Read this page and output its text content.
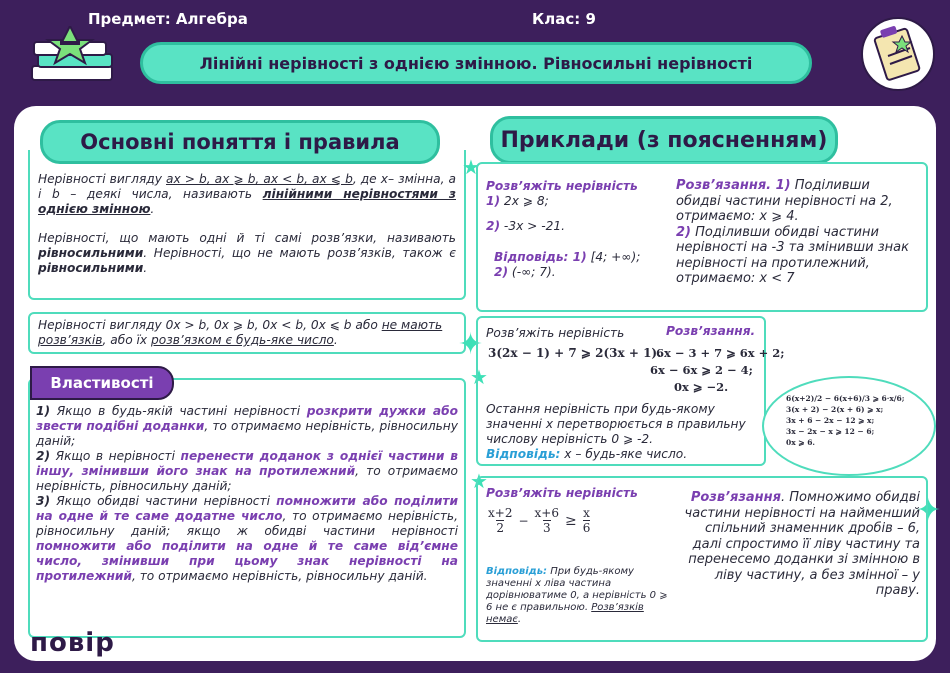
Предмет: Алгебра	Клас: 9
Лінійні нерівності з однією змінною. Рівносильні нерівності
Основні поняття і правила
Нерівності вигляду ax > b, ax ⩾ b, ax < b, ax ⩽ b, де x– змінна, a і b – деякі числа, називають лінійними нерівностями з однією змінною.
Нерівності, що мають одні й ті самі розв’язки, називають рівносильними. Нерівності, що не мають розв’язків, також є рівносильними.
Нерівності вигляду 0x > b, 0x ⩾ b, 0x < b, 0x ⩽ b або не мають розв’язків, або їх розв’язком є будь-яке число.
Властивості
1) Якщо в будь-якій частині нерівності розкрити дужки або звести подібні доданки, то отримаємо нерівність, рівносильну даній;
2) Якщо в нерівності перенести доданок з однієї частини в іншу, змінивши його знак на протилежний, то отримаємо нерівність, рівносильну даній;
3) Якщо обидві частини нерівності помножити або поділити на одне й те саме додатне число, то отримаємо нерівність, рівносильну даній; якщо ж обидві частини нерівності помножити або поділити на одне й те саме від’ємне число, змінивши при цьому знак нерівності на протилежний, то отримаємо нерівність, рівносильну даній.
повір
✦
★
★
★
✦
Приклади (з поясненням)
Розв’яжіть нерівність
1) 2x ⩾ 8;
2) -3x > -21.
Відповідь: 1) [4; +∞);
2) (-∞; 7).
Розв’язання. 1) Поділивши обидві частини нерівності на 2, отримаємо: x ⩾ 4.
2) Поділивши обидві частини нерівності на -3 та змінивши знак нерівності на протилежний, отримаємо: x < 7
Розв’яжіть нерівність	Розв’язання.
3(2x − 1) + 7 ⩾ 2(3x + 1).
6x − 3 + 7 ⩾ 6x + 2;
6x − 6x ⩾ 2 − 4;
0x ⩾ −2.
Остання нерівність при будь-якому значенні x перетворюється в правильну числову нерівність 0 ⩾ -2.
Відповідь: x – будь-яке число.
6(x+2)/2 − 6(x+6)/3 ⩾ 6·x/6;
3(x + 2) − 2(x + 6) ⩾ x;
3x + 6 − 2x − 12 ⩾ x;
3x − 2x − x ⩾ 12 − 6;
0x ⩾ 6.
Розв’яжіть нерівність
x+2
2
− $\frac{x+6}{3} \ge \frac{x}{6}$
Відповідь: При будь-якому значенні x ліва частина дорівнюватиме 0, а нерівність 0 ⩾ 6 не є правильною. Розв’язків немає.
Розв’язання. Помножимо обидві частини нерівності на найменший спільний знаменник дробів – 6, далі спростимо її ліву частину та перенесемо доданки зі змінною в ліву частину, а без змінної – у праву.
